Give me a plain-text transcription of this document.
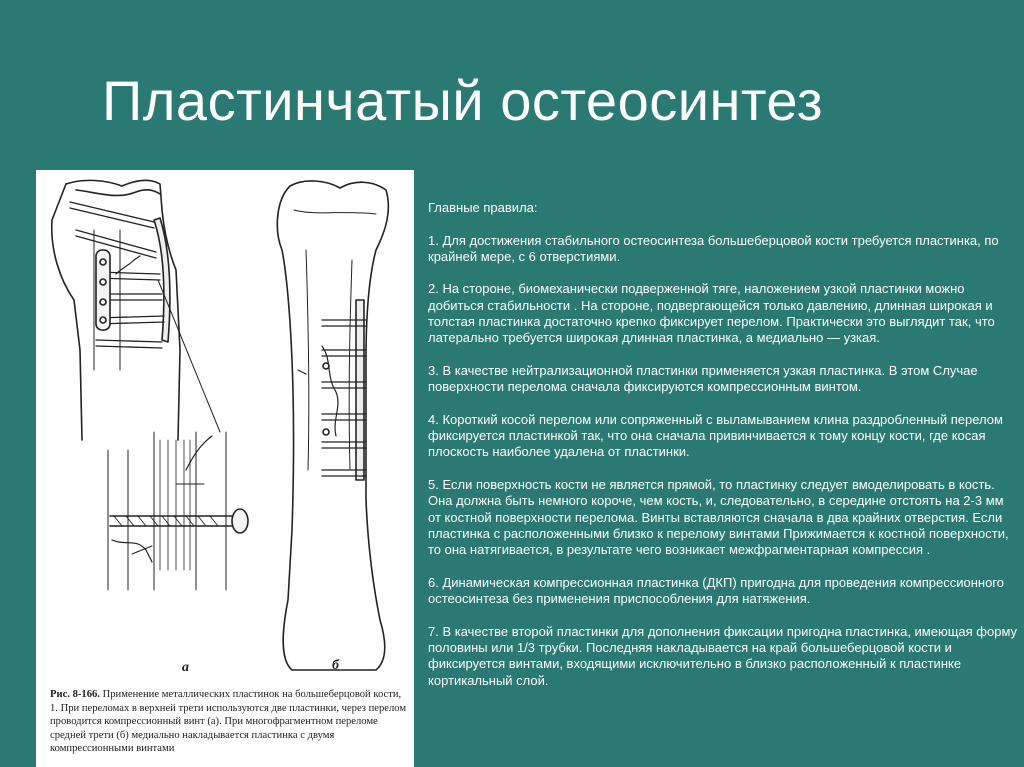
Пластинчатый остеосинтез
а	б
Рис. 8-166. Применение металлических пластинок на большеберцовой кости, 1. При переломах в верхней трети используются две пластинки, через перелом проводится компрессионный винт (а). При многофрагментном переломе средней трети (б) медиально накладывается пластинка с двумя компрессионными винтами

Главные правила:

1. Для достижения стабильного остеосинтеза большеберцовой кости требуется пластинка, по крайней мере, с 6 отверстиями.

2. На стороне, биомеханически подверженной тяге, наложением узкой пластинки можно добиться стабильности . На стороне, подвергающейся только давлению, длинная широкая и толстая пластинка достаточно крепко фиксирует перелом. Практически это выглядит так, что латерально требуется широкая длинная пластинка, а медиально — узкая.

3. В качестве нейтрализационной пластинки применяется узкая пластинка. В этом Случае поверхности перелома сначала фиксируются компрессионным винтом.

4. Короткий косой перелом или сопряженный с выламыванием клина раздробленный перелом фиксируется пластинкой так, что она сначала привинчивается к тому концу кости, где косая плоскость наиболее удалена от пластинки.

5. Если поверхность кости не является прямой, то пластинку следует вмоделировать в кость. Она должна быть немного короче, чем кость, и, следовательно, в середине отстоять на 2-3 мм от костной поверхности перелома. Винты вставляются сначала в два крайних отверстия. Если пластинка с расположенными близко к перелому винтами Прижимается к костной поверхности, то она натягивается, в результате чего возникает межфрагментарная компрессия .

6. Динамическая компрессионная пластинка (ДКП) пригодна для проведения компрессионного остеосинтеза без применения приспособления для натяжения.

7. В качестве второй пластинки для дополнения фиксации пригодна пластинка, имеющая форму половины или 1/3 трубки. Последняя накладывается на край большеберцовой кости и фиксируется винтами, входящими исключительно в близко расположенный к пластинке кортикальный слой.
